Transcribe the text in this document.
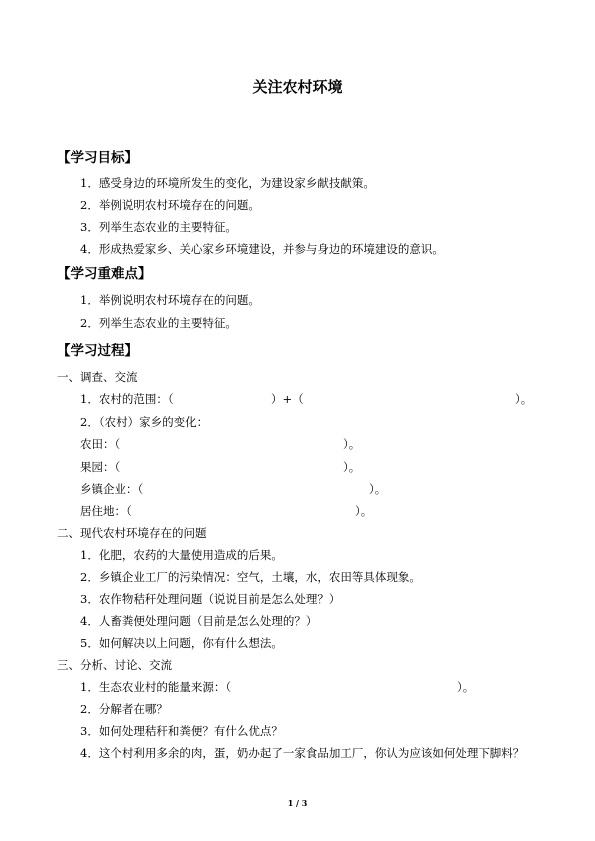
关注农村环境
【学习目标】
1．感受身边的环境所发生的变化，为建设家乡献技献策。
2．举例说明农村环境存在的问题。
3．列举生态农业的主要特征。
4．形成热爱家乡、关心家乡环境建设，并参与身边的环境建设的意识。
【学习重难点】
1．举例说明农村环境存在的问题。
2．列举生态农业的主要特征。
【学习过程】
一、调查、交流
1．农村的范围：（	）+（	）。
2．（农村）家乡的变化：
农田：（	）。
果园：（	）。
乡镇企业：（	）。
居住地：（	）。
二、现代农村环境存在的问题
1．化肥，农药的大量使用造成的后果。
2．乡镇企业工厂的污染情况：空气，土壤，水，农田等具体现象。
3．农作物秸秆处理问题（说说目前是怎么处理？）
4．人畜粪便处理问题（目前是怎么处理的？）
5．如何解决以上问题，你有什么想法。
三、分析、讨论、交流
1．生态农业村的能量来源：（	）。
2．分解者在哪？
3．如何处理秸秆和粪便？有什么优点？
4．这个村利用多余的肉，蛋，奶办起了一家食品加工厂，你认为应该如何处理下脚料？
1 / 3
